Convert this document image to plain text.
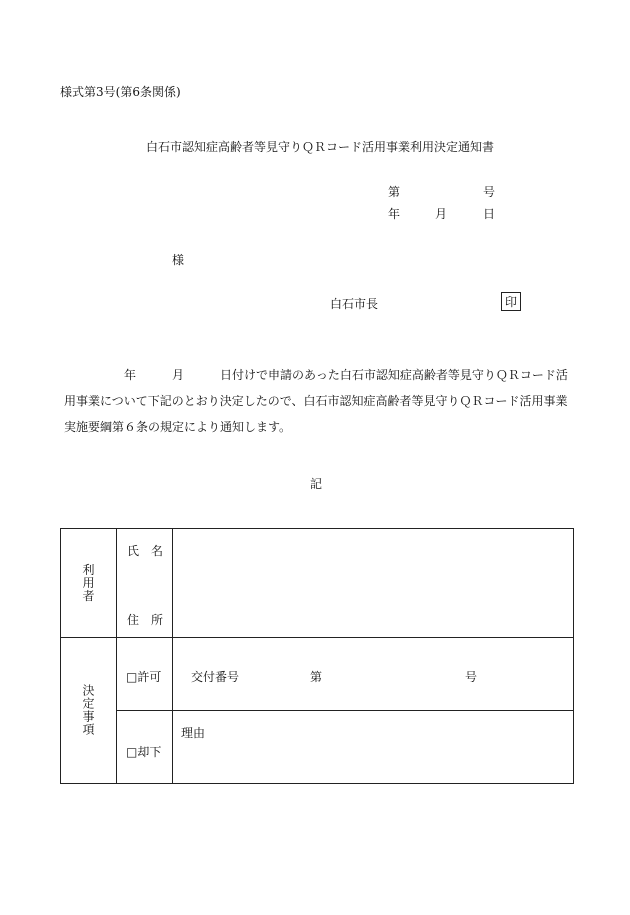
様式第3号(第6条関係)
白石市認知症高齢者等見守りＱＲコード活用事業利用決定通知書
第	号
年	月	日
様
白石市長	印
年　　　月　　　日付けで申請のあった白石市認知症高齢者等見守りＱＲコード活
用事業について下記のとおり決定したので、白石市認知症高齢者等見守りＱＲコード活用事業
実施要綱第６条の規定により通知します。
記
利用者	氏　名	

	住　所	

決定事項	□許可	交付番号 第 号

	□却下	理由
